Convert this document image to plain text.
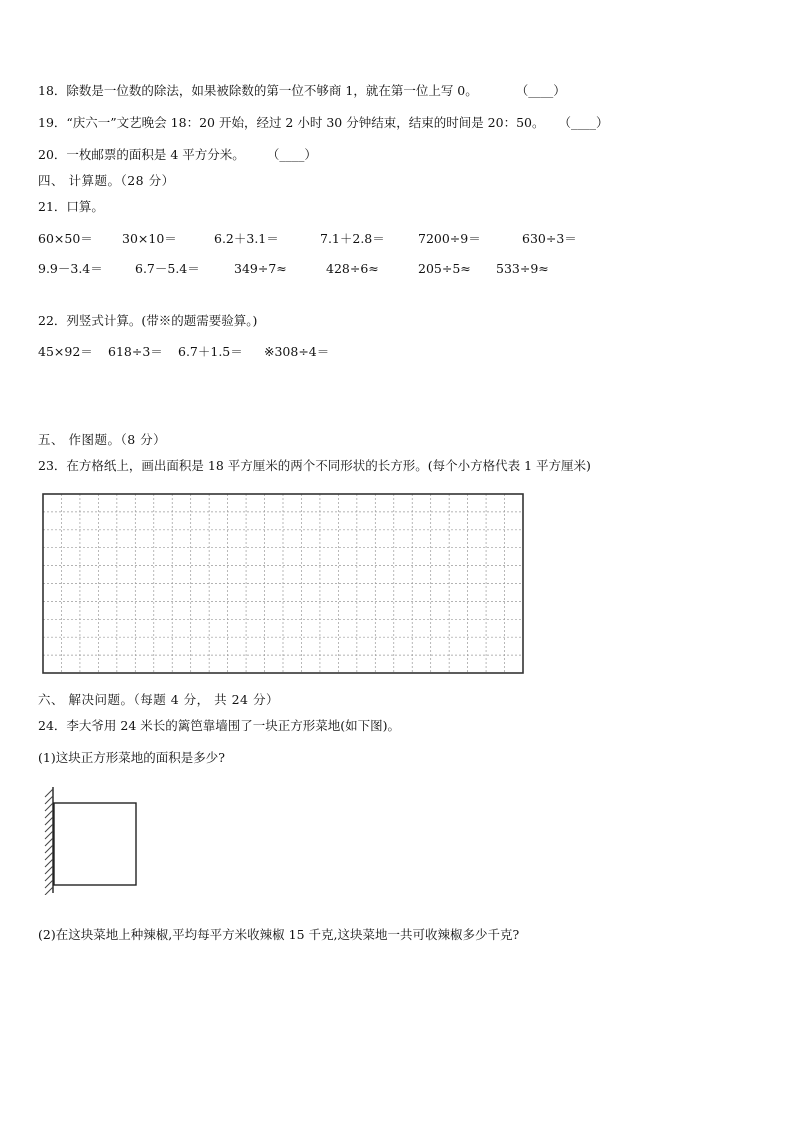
18．除数是一位数的除法，如果被除数的第一位不够商 1，就在第一位上写 0。	（____）
19．“庆六一”文艺晚会 18：20 开始，经过 2 小时 30 分钟结束，结束的时间是 20：50。 （____）
20．一枚邮票的面积是 4 平方分米。 （____）
四、 计算题。（28 分）
21．口算。
60×50＝ 30×10＝	6.2＋3.1＝	7.1＋2.8＝	7200÷9＝	630÷3＝
9.9－3.4＝	6.7－5.4＝	349÷7≈	428÷6≈	205÷5≈ 533÷9≈
22．列竖式计算。(带※的题需要验算。)
45×92＝ 618÷3＝ 6.7＋1.5＝ ※308÷4＝
五、 作图题。（8 分）
23．在方格纸上，画出面积是 18 平方厘米的两个不同形状的长方形。(每个小方格代表 1 平方厘米)
六、 解决问题。（每题 4 分， 共 24 分）
24．李大爷用 24 米长的篱笆靠墙围了一块正方形菜地(如下图)。
(1)这块正方形菜地的面积是多少?
(2)在这块菜地上种辣椒,平均每平方米收辣椒 15 千克,这块菜地一共可收辣椒多少千克?
